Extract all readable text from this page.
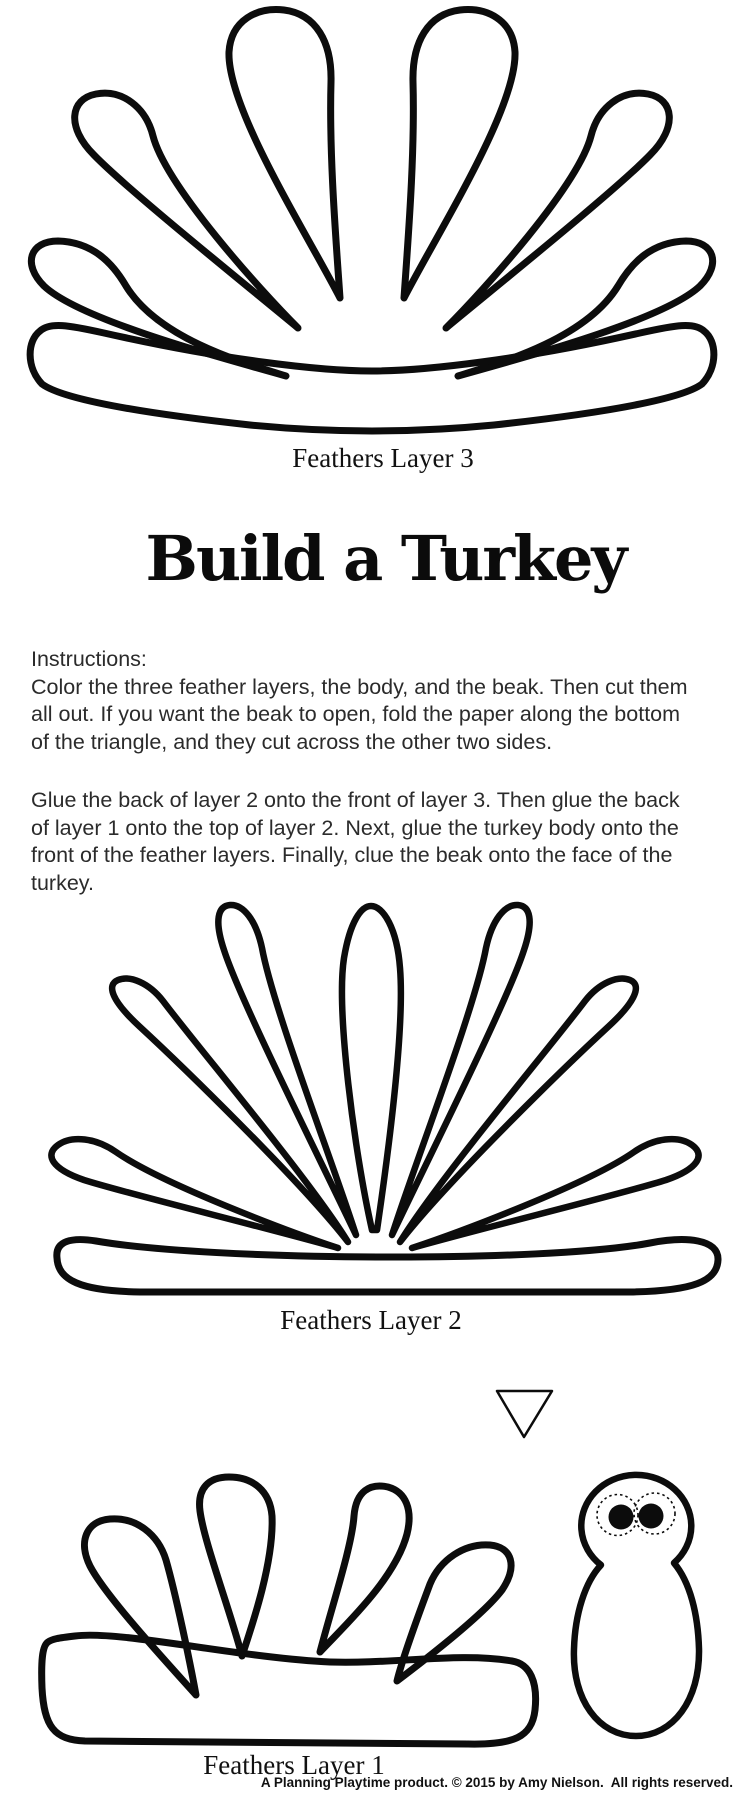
Feathers Layer 3
Build a Turkey
Instructions:
Color the three feather layers, the body, and the beak. Then cut them
all out. If you want the beak to open, fold the paper along the bottom
of the triangle, and they cut across the other two sides.
Glue the back of layer 2 onto the front of layer 3. Then glue the back
of layer 1 onto the top of layer 2. Next, glue the turkey body onto the
front of the feather layers. Finally, clue the beak onto the face of the
turkey.
Feathers Layer 2
Feathers Layer 1
A Planning Playtime product. © 2015 by Amy Nielson.  All rights reserved.
